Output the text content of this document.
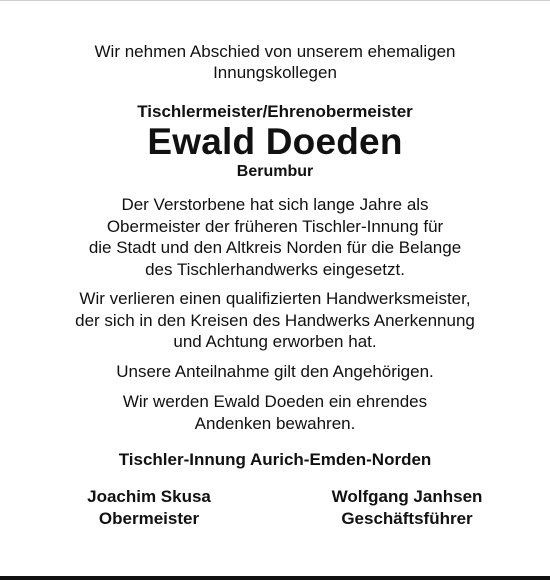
Wir nehmen Abschied von unserem ehemaligen
Innungskollegen
Tischlermeister/Ehrenobermeister
Ewald Doeden
Berumbur
Der Verstorbene hat sich lange Jahre als
Obermeister der früheren Tischler-Innung für
die Stadt und den Altkreis Norden für die Belange
des Tischlerhandwerks eingesetzt.
Wir verlieren einen qualifizierten Handwerksmeister,
der sich in den Kreisen des Handwerks Anerkennung
und Achtung erworben hat.
Unsere Anteilnahme gilt den Angehörigen.
Wir werden Ewald Doeden ein ehrendes
Andenken bewahren.
Tischler-Innung Aurich-Emden-Norden
Joachim Skusa
Obermeister
Wolfgang Janhsen
Geschäftsführer
